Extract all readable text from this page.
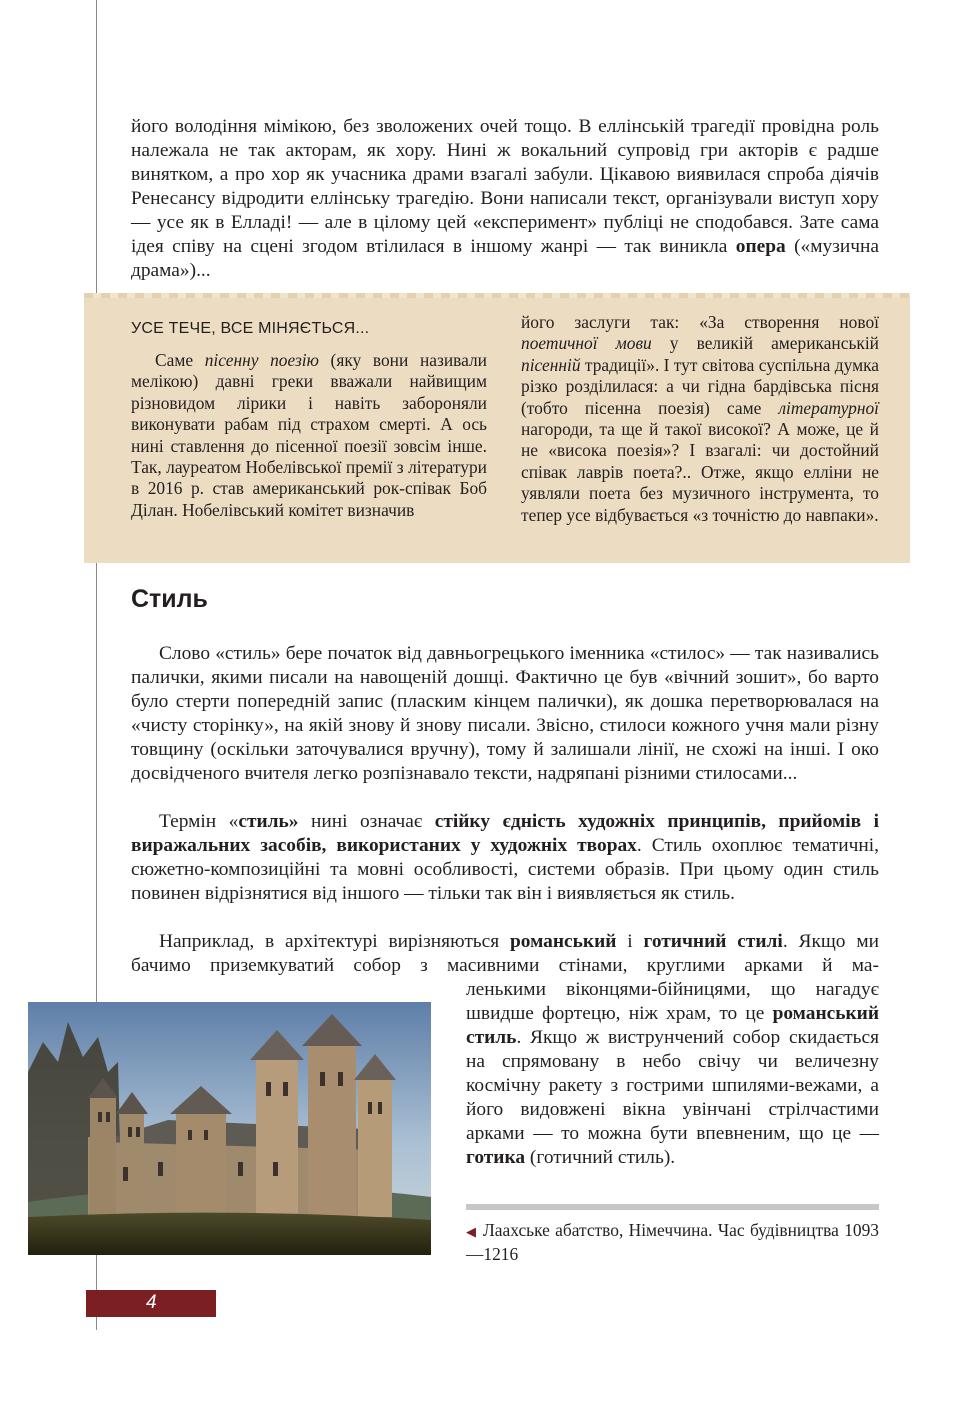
його володіння мімікою, без зволожених очей тощо. В еллінській трагедії провідна роль належала не так акторам, як хору. Нині ж вокальний супровід гри акторів є радше винятком, а про хор як учасника драми взагалі забули. Цікавою виявилася спроба діячів Ренесансу відродити еллінську трагедію. Вони написали текст, організували виступ хору — усе як в Елладі! — але в цілому цей «експеримент» публіці не сподобався. Зате сама ідея співу на сцені згодом втілилася в іншому жанрі — так виникла опера («музична драма»)...

УСЕ ТЕЧЕ, ВСЕ МІНЯЄТЬСЯ...

Саме пісенну поезію (яку вони називали мелікою) давні греки вважали найвищим різновидом лірики і навіть забороняли виконувати рабам під страхом смерті. А ось нині ставлення до пісенної поезії зовсім інше. Так, лауреатом Нобелівської премії з літератури в 2016 р. став американський рок-співак Боб Ділан. Нобелівський комітет визначив

його заслуги так: «За створення нової поетичної мови у великій американській пісенній традиції». І тут світова суспільна думка різко розділилася: а чи гідна бардівська пісня (тобто пісенна поезія) саме літературної нагороди, та ще й такої високої? А може, це й не «висока поезія»? І взагалі: чи достойний співак лаврів поета?.. Отже, якщо елліни не уявляли поета без музичного інструмента, то тепер усе відбувається «з точністю до навпаки».

Стиль

Слово «стиль» бере початок від давньогрецького іменника «стилос» — так називались палички, якими писали на навощеній дошці. Фактично це був «вічний зошит», бо варто було стерти попередній запис (пласким кінцем палички), як дошка перетворювалася на «чисту сторінку», на якій знову й знову писали. Звісно, стилоси кожного учня мали різну товщину (оскільки заточувалися вручну), тому й залишали лінії, не схожі на інші. І око досвідченого вчителя легко розпізнавало тексти, надряпані різними стилосами...

Термін «стиль» нині означає стійку єдність художніх принципів, прийомів і виражальних засобів, використаних у художніх творах. Стиль охоплює тематичні, сюжетно-композиційні та мовні особливості, системи образів. При цьому один стиль повинен відрізнятися від іншого — тільки так він і виявляється як стиль.

Наприклад, в архітектурі вирізняються романський і готичний стилі. Якщо ми бачимо приземкуватий собор з масивними стінами, круглими арками й ма-

ленькими віконцями-бійницями, що нагадує швидше фортецю, ніж храм, то це романський стиль. Якщо ж виструнчений собор скидається на спрямовану в небо свічу чи величезну космічну ракету з гострими шпилями-вежами, а його видовжені вікна увінчані стрілчастими арками — то можна бути впевненим, що це — готика (готичний стиль).

◀ Лаахське абатство, Німеччина. Час будівництва 1093—1216

4
